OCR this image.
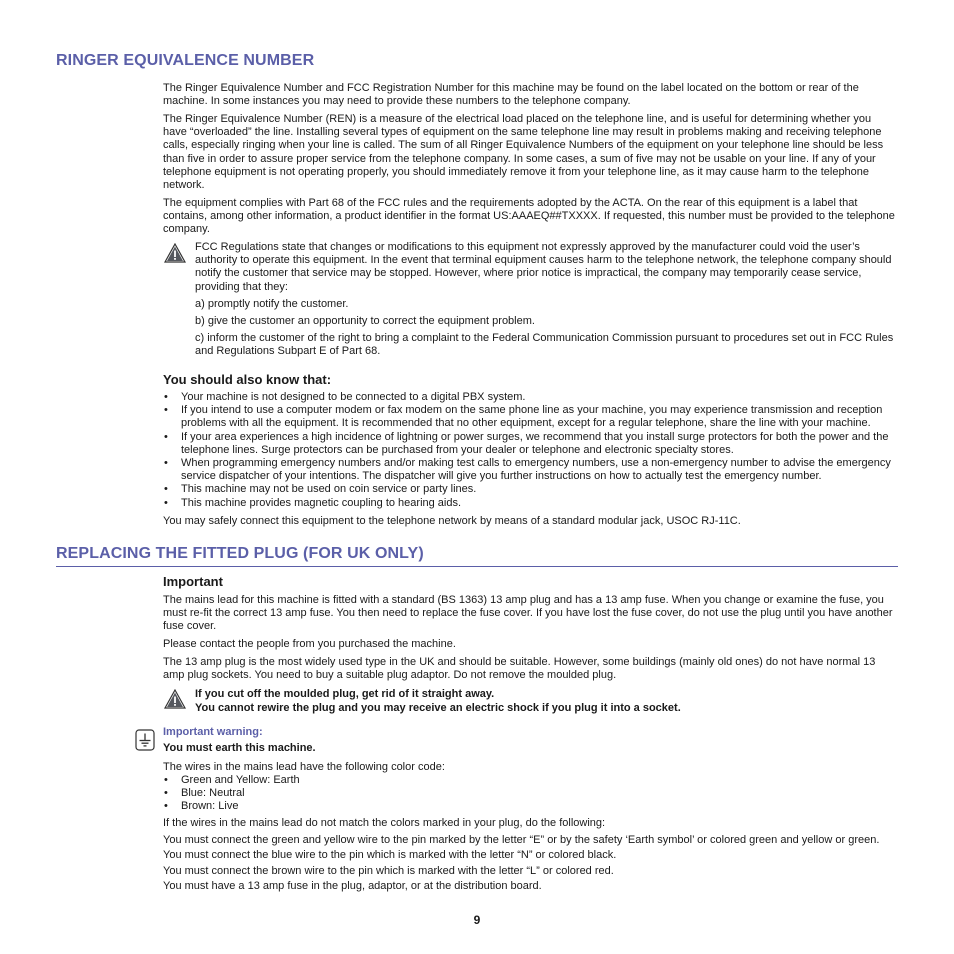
RINGER EQUIVALENCE NUMBER

The Ringer Equivalence Number and FCC Registration Number for this machine may be found on the label located on the bottom or rear of the machine. In some instances you may need to provide these numbers to the telephone company.

The Ringer Equivalence Number (REN) is a measure of the electrical load placed on the telephone line, and is useful for determining whether you have “overloaded” the line. Installing several types of equipment on the same telephone line may result in problems making and receiving telephone calls, especially ringing when your line is called. The sum of all Ringer Equivalence Numbers of the equipment on your telephone line should be less than five in order to assure proper service from the telephone company. In some cases, a sum of five may not be usable on your line. If any of your telephone equipment is not operating properly, you should immediately remove it from your telephone line, as it may cause harm to the telephone network.

The equipment complies with Part 68 of the FCC rules and the requirements adopted by the ACTA. On the rear of this equipment is a label that contains, among other information, a product identifier in the format US:AAAEQ##TXXXX. If requested, this number must be provided to the telephone company.

FCC Regulations state that changes or modifications to this equipment not expressly approved by the manufacturer could void the user’s authority to operate this equipment. In the event that terminal equipment causes harm to the telephone network, the telephone company should notify the customer that service may be stopped. However, where prior notice is impractical, the company may temporarily cease service, providing that they:

a) promptly notify the customer.

b) give the customer an opportunity to correct the equipment problem.

c) inform the customer of the right to bring a complaint to the Federal Communication Commission pursuant to procedures set out in FCC Rules and Regulations Subpart E of Part 68.

You should also know that:
• Your machine is not designed to be connected to a digital PBX system.
• If you intend to use a computer modem or fax modem on the same phone line as your machine, you may experience transmission and reception problems with all the equipment. It is recommended that no other equipment, except for a regular telephone, share the line with your machine.
• If your area experiences a high incidence of lightning or power surges, we recommend that you install surge protectors for both the power and the telephone lines. Surge protectors can be purchased from your dealer or telephone and electronic specialty stores.
• When programming emergency numbers and/or making test calls to emergency numbers, use a non-emergency number to advise the emergency service dispatcher of your intentions. The dispatcher will give you further instructions on how to actually test the emergency number.
• This machine may not be used on coin service or party lines.
• This machine provides magnetic coupling to hearing aids.

You may safely connect this equipment to the telephone network by means of a standard modular jack, USOC RJ-11C.

REPLACING THE FITTED PLUG (FOR UK ONLY)
Important

The mains lead for this machine is fitted with a standard (BS 1363) 13 amp plug and has a 13 amp fuse. When you change or examine the fuse, you must re-fit the correct 13 amp fuse. You then need to replace the fuse cover. If you have lost the fuse cover, do not use the plug until you have another fuse cover.

Please contact the people from you purchased the machine.

The 13 amp plug is the most widely used type in the UK and should be suitable. However, some buildings (mainly old ones) do not have normal 13 amp plug sockets. You need to buy a suitable plug adaptor. Do not remove the moulded plug.

If you cut off the moulded plug, get rid of it straight away.
You cannot rewire the plug and you may receive an electric shock if you plug it into a socket.
Important warning:
You must earth this machine.

The wires in the mains lead have the following color code:

• Green and Yellow: Earth
• Blue: Neutral
• Brown: Live

If the wires in the mains lead do not match the colors marked in your plug, do the following:

You must connect the green and yellow wire to the pin marked by the letter “E” or by the safety ‘Earth symbol’ or colored green and yellow or green.

You must connect the blue wire to the pin which is marked with the letter “N” or colored black.

You must connect the brown wire to the pin which is marked with the letter “L” or colored red.

You must have a 13 amp fuse in the plug, adaptor, or at the distribution board.

9
